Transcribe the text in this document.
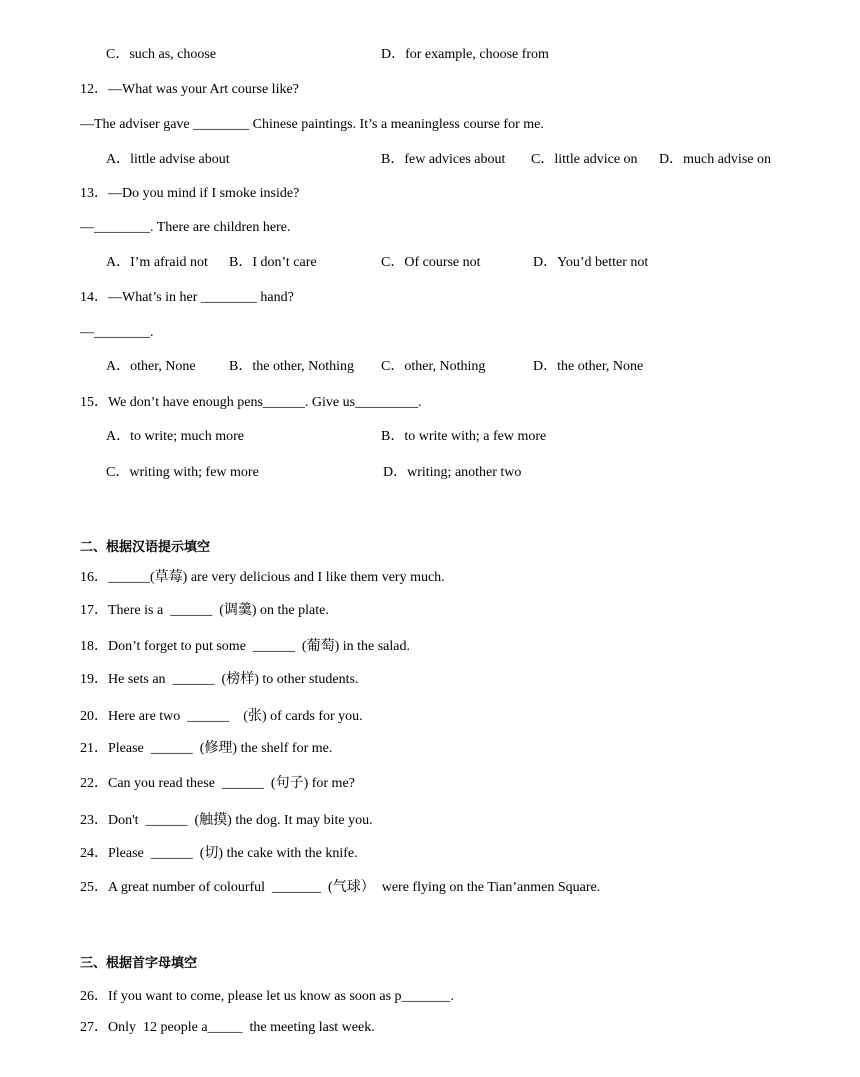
C．such as, choose	D．for example, choose from
12．—What was your Art course like?
—The adviser gave ________ Chinese paintings. It’s a meaningless course for me.
A．little advise about	B．few advices about C．little advice on D．much advise on
13．—Do you mind if I smoke inside?
—________. There are children here.
A．I’m afraid not B．I don’t care	C．Of course not	D．You’d better not
14．—What’s in her ________ hand?
—________.
A．other, None B．the other, Nothing C．other, Nothing	D．the other, None
15．We don’t have enough pens______. Give us_________.
A．to write; much more	B．to write with; a few more
C．writing with; few more	D．writing; another two
二、根据汉语提示填空
16．______(草莓) are very delicious and I like them very much.
17．There is a  ______  (调羹) on the plate.
18．Don’t forget to put some  ______  (葡萄) in the salad.
19．He sets an  ______  (榜样) to other students.
20．Here are two  ______    (张) of cards for you.
21．Please  ______  (修理) the shelf for me.
22．Can you read these  ______  (句子) for me?
23．Don't  ______  (触摸) the dog. It may bite you.
24．Please  ______  (切) the cake with the knife.
25．A great number of colourful  _______  (气球）  were flying on the Tian’anmen Square.
三、根据首字母填空
26．If you want to come, please let us know as soon as p_______.
27．Only  12 people a_____  the meeting last week.
